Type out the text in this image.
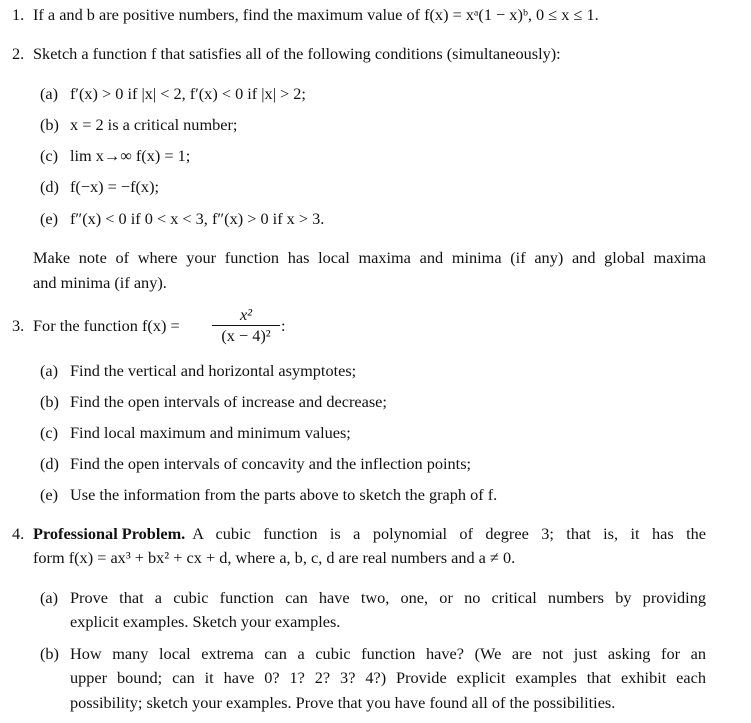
1. If a and b are positive numbers, find the maximum value of f(x) = xᵃ(1 − x)ᵇ, 0 ≤ x ≤ 1.
2. Sketch a function f that satisfies all of the following conditions (simultaneously):
(a) f′(x) > 0 if |x| < 2, f′(x) < 0 if |x| > 2;
(b) x = 2 is a critical number;
(c) lim x→∞ f(x) = 1;
(d) f(−x) = −f(x);
(e) f″(x) < 0 if 0 < x < 3, f″(x) > 0 if x > 3.
Make note of where your function has local maxima and minima (if any) and global maxima
and minima (if any).
3. For the function f(x) =
x²
(x − 4)²
:
(a) Find the vertical and horizontal asymptotes;
(b) Find the open intervals of increase and decrease;
(c) Find local maximum and minimum values;
(d) Find the open intervals of concavity and the inflection points;
(e) Use the information from the parts above to sketch the graph of f.
4. Professional Problem. A cubic function is a polynomial of degree 3; that is, it has the
form f(x) = ax³ + bx² + cx + d, where a, b, c, d are real numbers and a ≠ 0.
(a) Prove that a cubic function can have two, one, or no critical numbers by providing
explicit examples. Sketch your examples.
(b) How many local extrema can a cubic function have? (We are not just asking for an
upper bound; can it have 0? 1? 2? 3? 4?) Provide explicit examples that exhibit each
possibility; sketch your examples. Prove that you have found all of the possibilities.
